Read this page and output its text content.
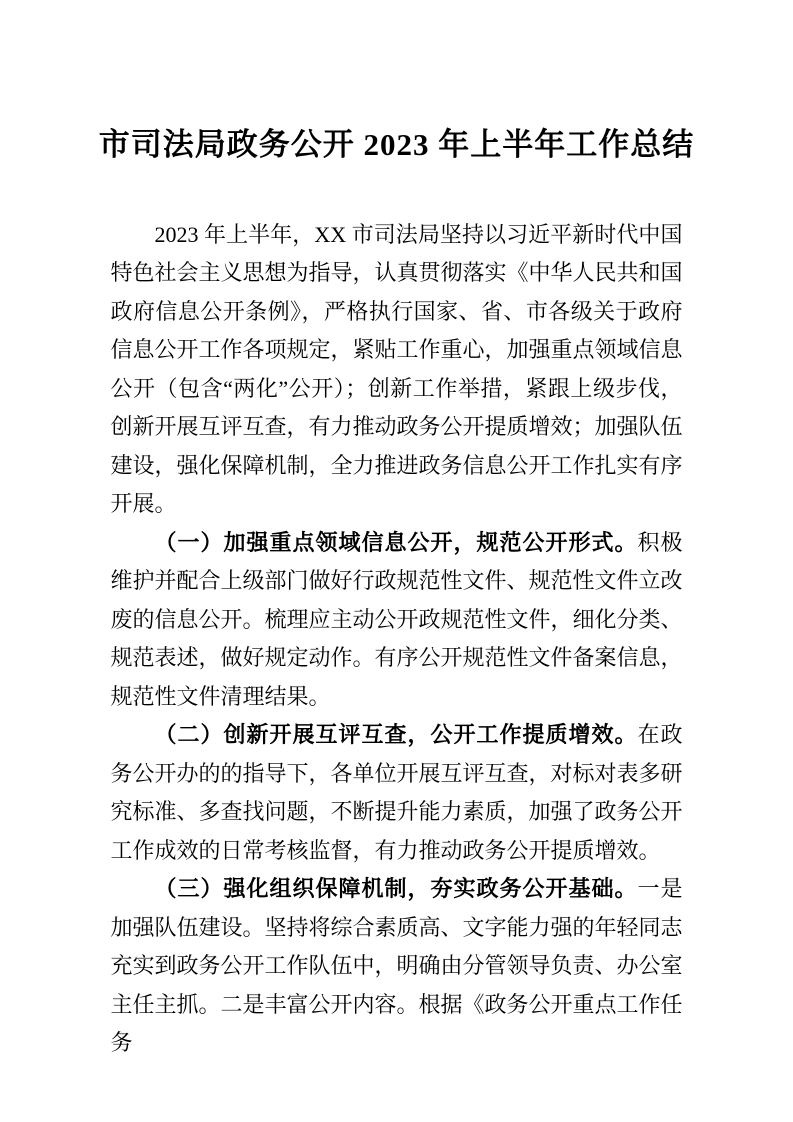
市司法局政务公开 2023 年上半年工作总结

2023 年上半年，XX 市司法局坚持以习近平新时代中国特色社会主义思想为指导，认真贯彻落实《中华人民共和国政府信息公开条例》，严格执行国家、省、市各级关于政府信息公开工作各项规定，紧贴工作重心，加强重点领域信息公开（包含“两化”公开）；创新工作举措，紧跟上级步伐，创新开展互评互查，有力推动政务公开提质增效；加强队伍建设，强化保障机制，全力推进政务信息公开工作扎实有序开展。

（一）加强重点领域信息公开，规范公开形式。积极维护并配合上级部门做好行政规范性文件、规范性文件立改废的信息公开。梳理应主动公开政规范性文件，细化分类、规范表述，做好规定动作。有序公开规范性文件备案信息，规范性文件清理结果。

（二）创新开展互评互查，公开工作提质增效。在政务公开办的的指导下，各单位开展互评互查，对标对表多研究标准、多查找问题，不断提升能力素质，加强了政务公开工作成效的日常考核监督，有力推动政务公开提质增效。

（三）强化组织保障机制，夯实政务公开基础。一是加强队伍建设。坚持将综合素质高、文字能力强的年轻同志充实到政务公开工作队伍中，明确由分管领导负责、办公室主任主抓。二是丰富公开内容。根据《政务公开重点工作任务
